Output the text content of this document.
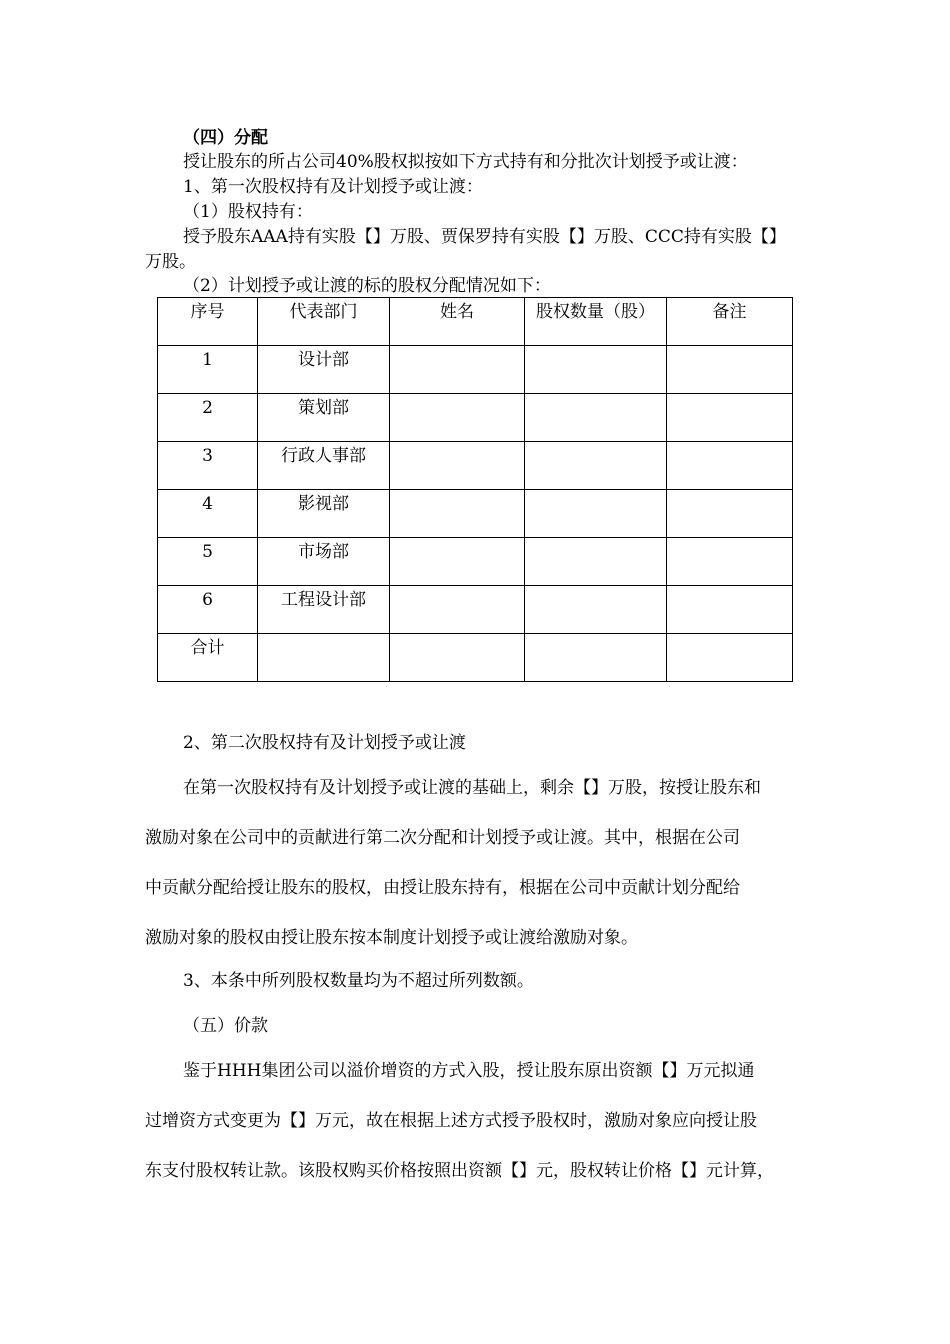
（四）分配
授让股东的所占公司40%股权拟按如下方式持有和分批次计划授予或让渡：
1、第一次股权持有及计划授予或让渡：
（1）股权持有：
授予股东AAA持有实股【】万股、贾保罗持有实股【】万股、CCC持有实股【】
万股。
（2）计划授予或让渡的标的股权分配情况如下：
序号	代表部门	姓名	股权数量（股）	备注

1	设计部			

2	策划部			

3	行政人事部			

4	影视部			

5	市场部			

6	工程设计部			

合计				

2、第二次股权持有及计划授予或让渡
在第一次股权持有及计划授予或让渡的基础上，剩余【】万股，按授让股东和
激励对象在公司中的贡献进行第二次分配和计划授予或让渡。其中，根据在公司
中贡献分配给授让股东的股权，由授让股东持有，根据在公司中贡献计划分配给
激励对象的股权由授让股东按本制度计划授予或让渡给激励对象。
3、本条中所列股权数量均为不超过所列数额。
（五）价款
鉴于HHH集团公司以溢价增资的方式入股，授让股东原出资额【】万元拟通
过增资方式变更为【】万元，故在根据上述方式授予股权时，激励对象应向授让股
东支付股权转让款。该股权购买价格按照出资额【】元，股权转让价格【】元计算，
